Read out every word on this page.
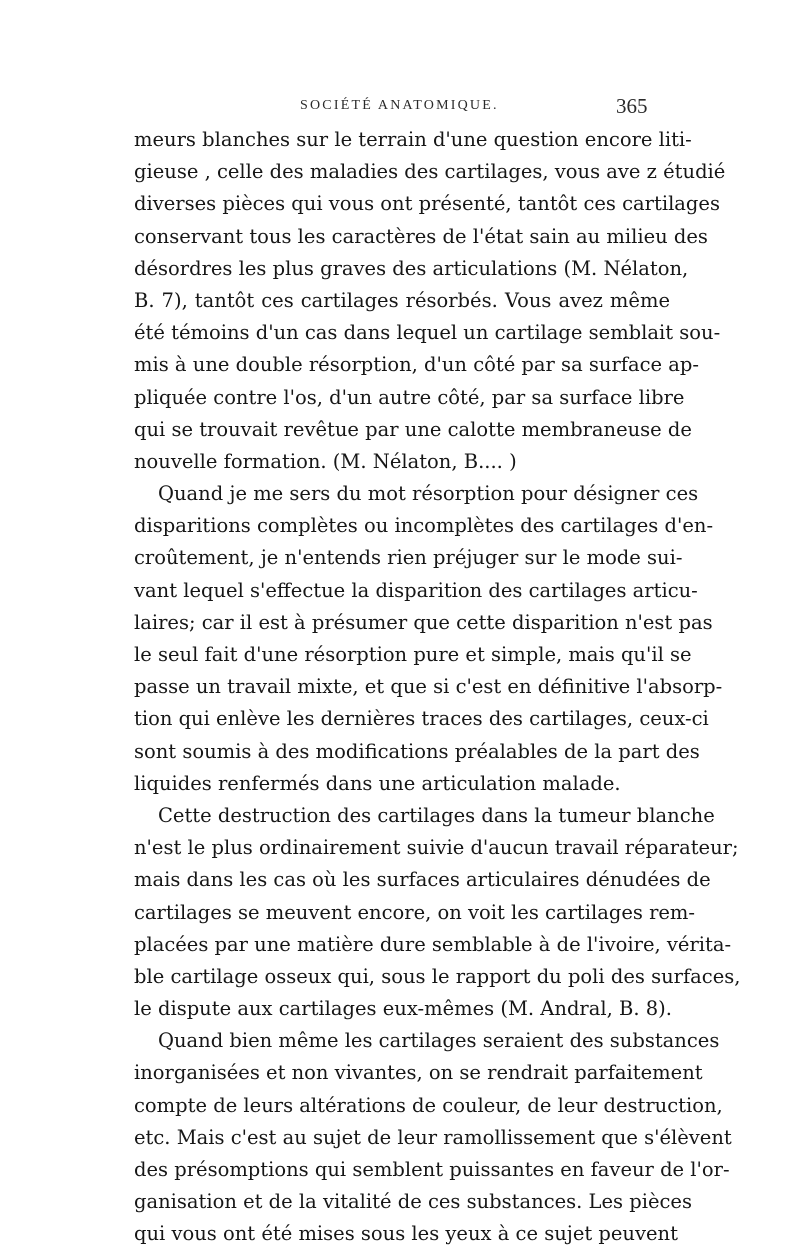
SOCIÉTÉ ANATOMIQUE.	365
meurs blanches sur le terrain d'une question encore liti-
gieuse , celle des maladies des cartilages, vous ave z étudié
diverses pièces qui vous ont présenté, tantôt ces cartilages
conservant tous les caractères de l'état sain au milieu des
désordres les plus graves des articulations (M. Nélaton,
B. 7), tantôt ces cartilages résorbés. Vous avez même
été témoins d'un cas dans lequel un cartilage semblait sou-
mis à une double résorption, d'un côté par sa surface ap-
pliquée contre l'os, d'un autre côté, par sa surface libre
qui se trouvait revêtue par une calotte membraneuse de
nouvelle formation. (M. Nélaton, B.... )
Quand je me sers du mot résorption pour désigner ces
disparitions complètes ou incomplètes des cartilages d'en-
croûtement, je n'entends rien préjuger sur le mode sui-
vant lequel s'effectue la disparition des cartilages articu-
laires; car il est à présumer que cette disparition n'est pas
le seul fait d'une résorption pure et simple, mais qu'il se
passe un travail mixte, et que si c'est en définitive l'absorp-
tion qui enlève les dernières traces des cartilages, ceux-ci
sont soumis à des modifications préalables de la part des
liquides renfermés dans une articulation malade.
Cette destruction des cartilages dans la tumeur blanche
n'est le plus ordinairement suivie d'aucun travail réparateur;
mais dans les cas où les surfaces articulaires dénudées de
cartilages se meuvent encore, on voit les cartilages rem-
placées par une matière dure semblable à de l'ivoire, vérita-
ble cartilage osseux qui, sous le rapport du poli des surfaces,
le dispute aux cartilages eux-mêmes (M. Andral, B. 8).
Quand bien même les cartilages seraient des substances
inorganisées et non vivantes, on se rendrait parfaitement
compte de leurs altérations de couleur, de leur destruction,
etc. Mais c'est au sujet de leur ramollissement que s'élèvent
des présomptions qui semblent puissantes en faveur de l'or-
ganisation et de la vitalité de ces substances. Les pièces
qui vous ont été mises sous les yeux à ce sujet peuvent
